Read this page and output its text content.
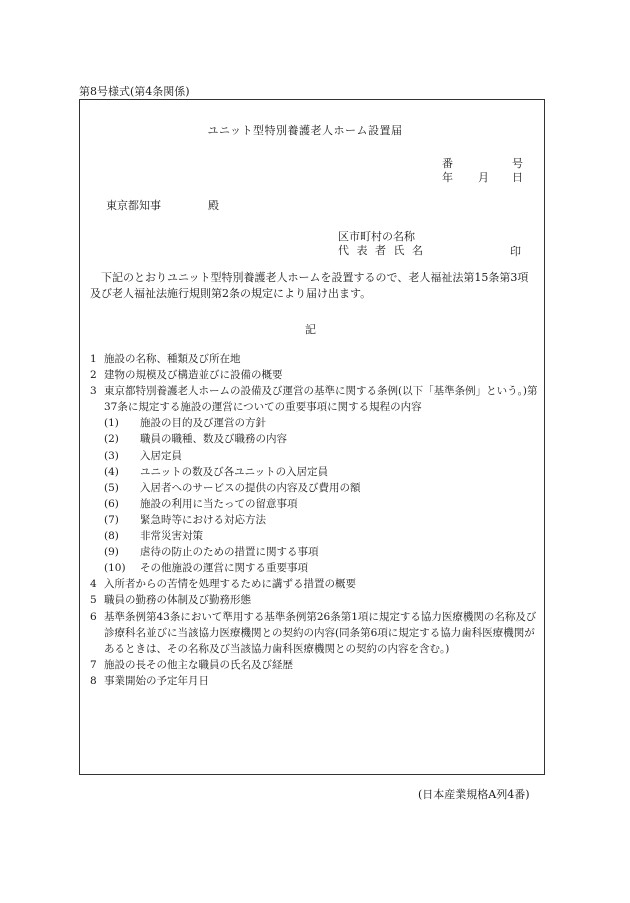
第8号様式(第4条関係)
ユニット型特別養護老人ホーム設置届
番	号
年 月 日
東京都知事	殿
区市町村の名称
代 表 者 氏 名	印
下記のとおりユニット型特別養護老人ホームを設置するので、老人福祉法第15条第3項及び老人福祉法施行規則第2条の規定により届け出ます。
記
1 施設の名称、種類及び所在地
2 建物の規模及び構造並びに設備の概要
3 東京都特別養護老人ホームの設備及び運営の基準に関する条例(以下「基準条例」という。)第37条に規定する施設の運営についての重要事項に関する規程の内容
(1) 施設の目的及び運営の方針
(2) 職員の職種、数及び職務の内容
(3) 入居定員
(4) ユニットの数及び各ユニットの入居定員
(5) 入居者へのサービスの提供の内容及び費用の額
(6) 施設の利用に当たっての留意事項
(7) 緊急時等における対応方法
(8) 非常災害対策
(9) 虐待の防止のための措置に関する事項
(10) その他施設の運営に関する重要事項
4 入所者からの苦情を処理するために講ずる措置の概要
5 職員の勤務の体制及び勤務形態
6 基準条例第43条において準用する基準条例第26条第1項に規定する協力医療機関の名称及び診療科名並びに当該協力医療機関との契約の内容(同条第6項に規定する協力歯科医療機関があるときは、その名称及び当該協力歯科医療機関との契約の内容を含む。)
7 施設の長その他主な職員の氏名及び経歴
8 事業開始の予定年月日
(日本産業規格A列4番)
